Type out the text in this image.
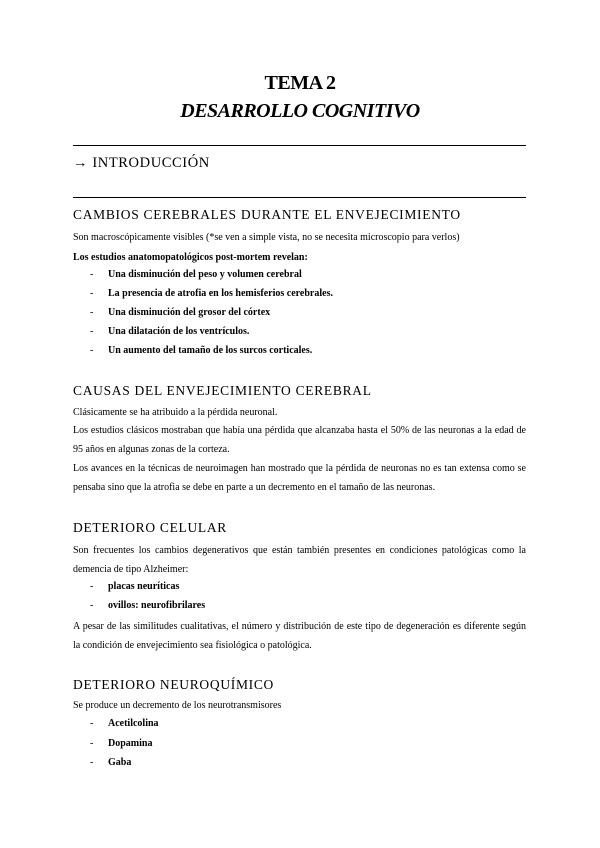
TEMA 2
DESARROLLO COGNITIVO
→ INTRODUCCIÓN
CAMBIOS CEREBRALES DURANTE EL ENVEJECIMIENTO
Son macroscópicamente visibles (*se ven a simple vista, no se necesita microscopio para verlos)
Los estudios anatomopatológicos post-mortem revelan:
- Una disminución del peso y volumen cerebral
- La presencia de atrofia en los hemisferios cerebrales.
- Una disminución del grosor del córtex
- Una dilatación de los ventrículos.
- Un aumento del tamaño de los surcos corticales.
CAUSAS DEL ENVEJECIMIENTO CEREBRAL
Clásicamente se ha atribuido a la pérdida neuronal.
Los estudios clásicos mostraban que había una pérdida que alcanzaba hasta el 50% de las neuronas a la edad de 95 años en algunas zonas de la corteza.
Los avances en la técnicas de neuroimagen han mostrado que la pérdida de neuronas no es tan extensa como se pensaba sino que la atrofia se debe en parte a un decremento en el tamaño de las neuronas.
DETERIORO CELULAR
Son frecuentes los cambios degenerativos que están también presentes en condiciones patológicas como la demencia de tipo Alzheimer:
- placas neuríticas
- ovillos: neurofibrilares
A pesar de las similitudes cualitativas, el número y distribución de este tipo de degeneración es diferente según la condición de envejecimiento sea fisiológica o patológica.
DETERIORO NEUROQUÍMICO
Se produce un decremento de los neurotransmisores
- Acetilcolina
- Dopamina
- Gaba
